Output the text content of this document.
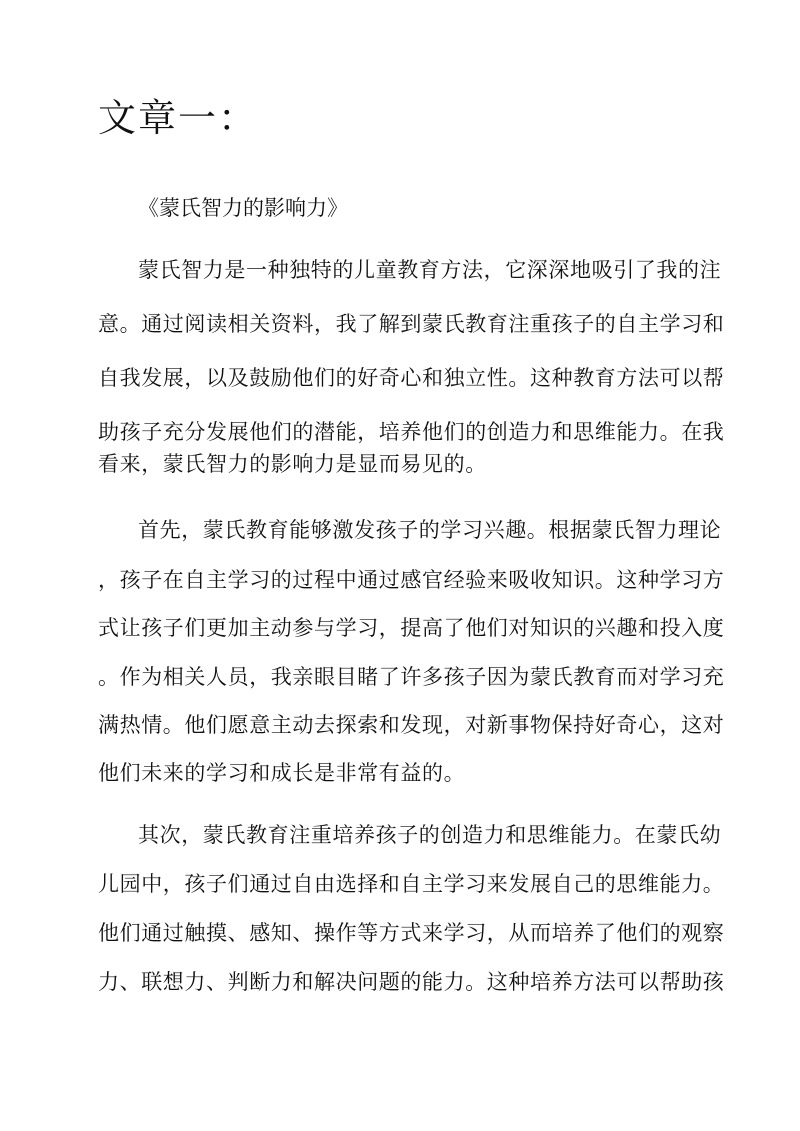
文章一：

《蒙氏智力的影响力》

蒙氏智力是一种独特的儿童教育方法，它深深地吸引了我的注

意。通过阅读相关资料，我了解到蒙氏教育注重孩子的自主学习和

自我发展，以及鼓励他们的好奇心和独立性。这种教育方法可以帮

助孩子充分发展他们的潜能，培养他们的创造力和思维能力。在我

看来，蒙氏智力的影响力是显而易见的。

首先，蒙氏教育能够激发孩子的学习兴趣。根据蒙氏智力理论

，孩子在自主学习的过程中通过感官经验来吸收知识。这种学习方

式让孩子们更加主动参与学习，提高了他们对知识的兴趣和投入度

。作为相关人员，我亲眼目睹了许多孩子因为蒙氏教育而对学习充

满热情。他们愿意主动去探索和发现，对新事物保持好奇心，这对

他们未来的学习和成长是非常有益的。

其次，蒙氏教育注重培养孩子的创造力和思维能力。在蒙氏幼

儿园中，孩子们通过自由选择和自主学习来发展自己的思维能力。

他们通过触摸、感知、操作等方式来学习，从而培养了他们的观察

力、联想力、判断力和解决问题的能力。这种培养方法可以帮助孩
